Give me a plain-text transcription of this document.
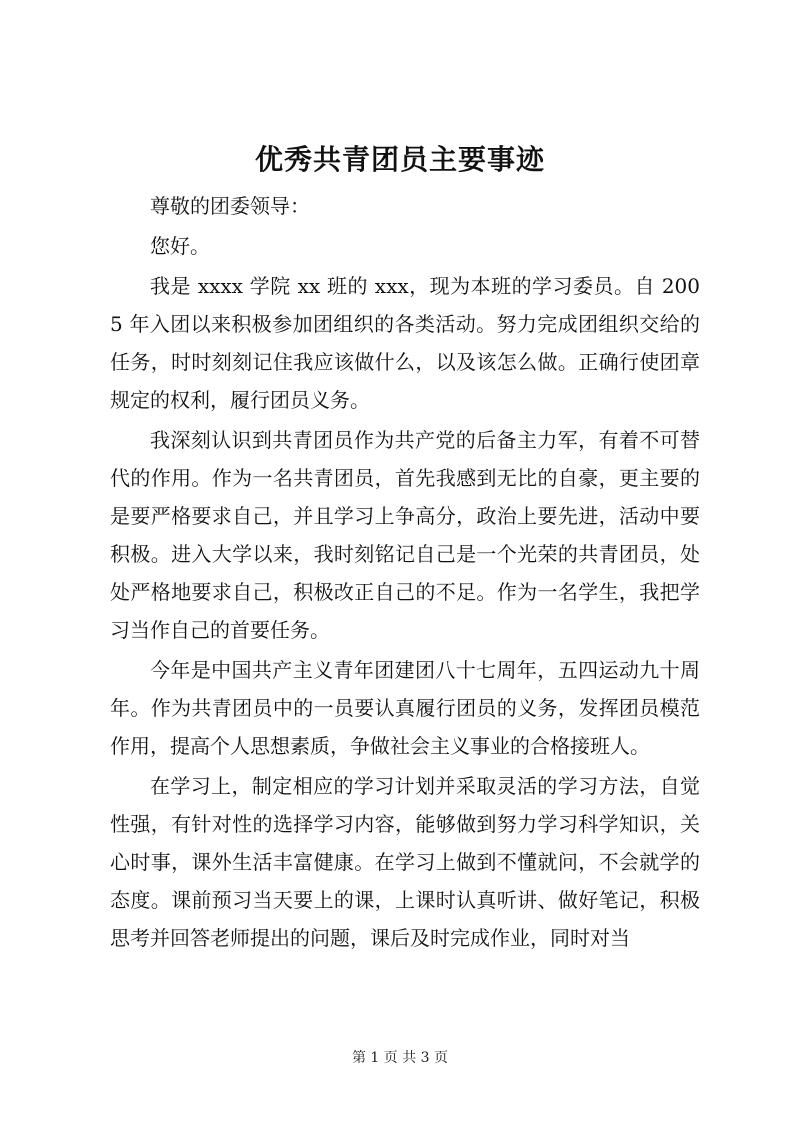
优秀共青团员主要事迹

尊敬的团委领导：

您好。

我是 xxxx 学院 xx 班的 xxx，现为本班的学习委员。自 2005 年入团以来积极参加团组织的各类活动。努力完成团组织交给的任务，时时刻刻记住我应该做什么，以及该怎么做。正确行使团章规定的权利，履行团员义务。

我深刻认识到共青团员作为共产党的后备主力军，有着不可替代的作用。作为一名共青团员，首先我感到无比的自豪，更主要的是要严格要求自己，并且学习上争高分，政治上要先进，活动中要积极。进入大学以来，我时刻铭记自己是一个光荣的共青团员，处处严格地要求自己，积极改正自己的不足。作为一名学生，我把学习当作自己的首要任务。

今年是中国共产主义青年团建团八十七周年，五四运动九十周年。作为共青团员中的一员要认真履行团员的义务，发挥团员模范作用，提高个人思想素质，争做社会主义事业的合格接班人。

在学习上，制定相应的学习计划并采取灵活的学习方法，自觉性强，有针对性的选择学习内容，能够做到努力学习科学知识，关心时事，课外生活丰富健康。在学习上做到不懂就问，不会就学的态度。课前预习当天要上的课，上课时认真听讲、做好笔记，积极思考并回答老师提出的问题，课后及时完成作业，同时对当

第 1 页 共 3 页
